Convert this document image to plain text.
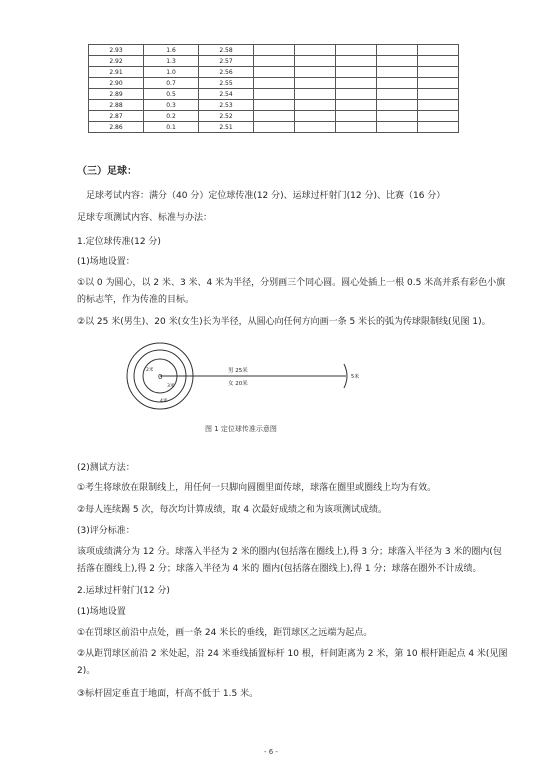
2.93	1.6	2.58					
2.92	1.3	2.57					
2.91	1.0	2.56					
2.90	0.7	2.55					
2.89	0.5	2.54					
2.88	0.3	2.53					
2.87	0.2	2.52					
2.86	0.1	2.51					
（三）足球：
足球考试内容：满分（40 分）定位球传准(12 分)、运球过杆射门(12 分)、比赛（16 分）
足球专项测试内容、标准与办法：
1.定位球传准(12 分)
(1)场地设置：
①以 0 为圆心，以 2 米、3 米、4 米为半径，分别画三个同心圆。圆心处插上一根 0.5 米高并系有彩色小旗
的标志竿，作为传准的目标。
②以 25 米(男生)、20 米(女生)长为半径，从圆心向任何方向画一条 5 米长的弧为传球限制线(见图 1)。
0
2米
3米
4米
男 25米
女 20米
5米
图 1 定位球传准示意图
(2)测试方法：
①考生将球放在限制线上，用任何一只脚向圆圈里面传球，球落在圈里或圈线上均为有效。
②每人连续踢 5 次，每次均计算成绩，取 4 次最好成绩之和为该项测试成绩。
(3)评分标准：
该项成绩满分为 12 分。球落入半径为 2 米的圈内(包括落在圈线上),得 3 分；球落入半径为 3 米的圈内(包
括落在圈线上),得 2 分；球落入半径为 4 米的 圈内(包括落在圈线上),得 1 分；球落在圈外不计成绩。
2.运球过杆射门(12 分)
(1)场地设置
①在罚球区前沿中点处，画一条 24 米长的垂线，距罚球区之远端为起点。
②从距罚球区前沿 2 米处起，沿 24 米垂线插置标杆 10 根，杆间距离为 2 米，第 10 根杆距起点 4 米(见图
2)。
③标杆固定垂直于地面，杆高不低于 1.5 米。
- 6 -
